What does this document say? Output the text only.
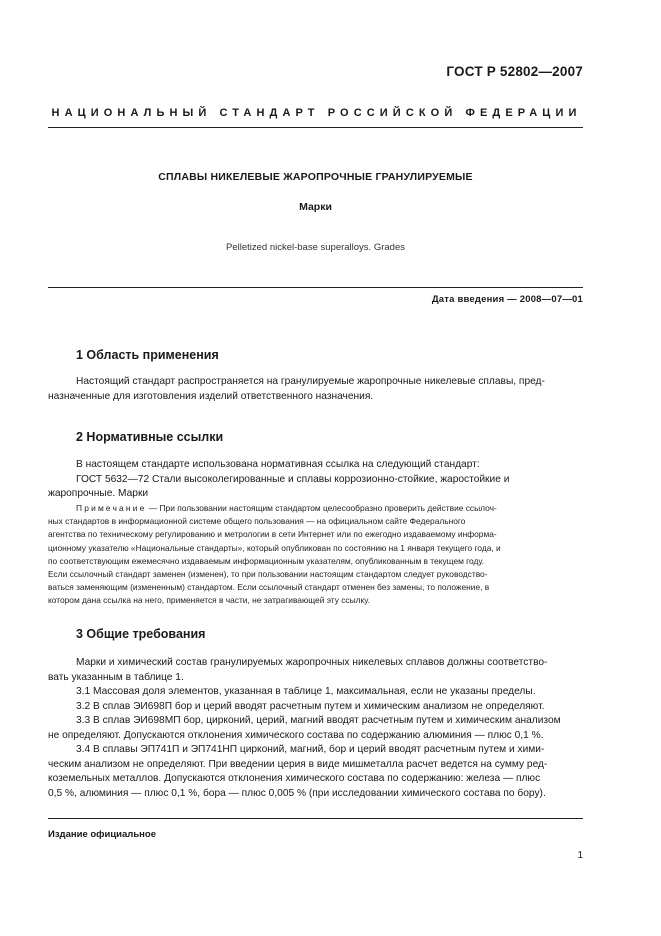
ГОСТ Р 52802—2007
НАЦИОНАЛЬНЫЙ СТАНДАРТ РОССИЙСКОЙ ФЕДЕРАЦИИ
СПЛАВЫ НИКЕЛЕВЫЕ ЖАРОПРОЧНЫЕ ГРАНУЛИРУЕМЫЕ
Марки
Pelletized nickel-base superalloys. Grades
Дата введения — 2008—07—01
1 Область применения
Настоящий стандарт распространяется на гранулируемые жаропрочные никелевые сплавы, пред-
назначенные для изготовления изделий ответственного назначения.
2 Нормативные ссылки
В настоящем стандарте использована нормативная ссылка на следующий стандарт:
ГОСТ 5632—72 Стали высоколегированные и сплавы коррозионно-стойкие, жаростойкие и
жаропрочные. Марки
Примечание — При пользовании настоящим стандартом целесообразно проверить действие ссылоч-
ных стандартов в информационной системе общего пользования — на официальном сайте Федерального
агентства по техническому регулированию и метрологии в сети Интернет или по ежегодно издаваемому информа-
ционному указателю «Национальные стандарты», который опубликован по состоянию на 1 января текущего года, и
по соответствующим ежемесячно издаваемым информационным указателям, опубликованным в текущем году.
Если ссылочный стандарт заменен (изменен), то при пользовании настоящим стандартом следует руководство-
ваться заменяющим (измененным) стандартом. Если ссылочный стандарт отменен без замены, то положение, в
котором дана ссылка на него, применяется в части, не затрагивающей эту ссылку.
3 Общие требования
Марки и химический состав гранулируемых жаропрочных никелевых сплавов должны соответство-
вать указанным в таблице 1.
3.1 Массовая доля элементов, указанная в таблице 1, максимальная, если не указаны пределы.
3.2 В сплав ЭИ698П бор и церий вводят расчетным путем и химическим анализом не определяют.
3.3 В сплав ЭИ698МП бор, цирконий, церий, магний вводят расчетным путем и химическим анализом
не определяют. Допускаются отклонения химического состава по содержанию алюминия — плюс 0,1 %.
3.4 В сплавы ЭП741П и ЭП741НП цирконий, магний, бор и церий вводят расчетным путем и хими-
ческим анализом не определяют. При введении церия в виде мишметалла расчет ведется на сумму ред-
коземельных металлов. Допускаются отклонения химического состава по содержанию: железа — плюс
0,5 %, алюминия — плюс 0,1 %, бора — плюс 0,005 % (при исследовании химического состава по бору).
Издание официальное
1
